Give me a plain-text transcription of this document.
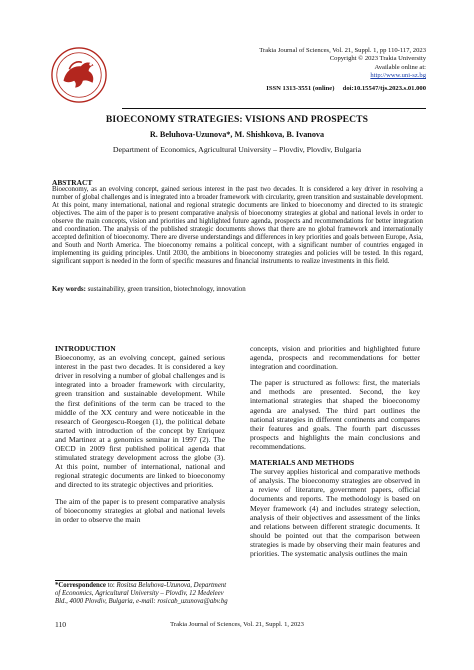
Trakia Journal of Sciences, Vol. 21, Suppl. 1, pp 110-117, 2023
Copyright © 2023 Trakia University
Available online at:
http://www.uni-sz.bg
ISSN 1313-3551 (online) doi:10.15547/tjs.2023.s.01.000
BIOECONOMY STRATEGIES: VISIONS AND PROSPECTS
R. Beluhova-Uzunova*, M. Shishkova, B. Ivanova
Department of Economics, Agricultural University – Plovdiv, Plovdiv, Bulgaria
ABSTRACT

Bioeconomy, as an evolving concept, gained serious interest in the past two decades. It is considered a key driver in resolving a number of global challenges and is integrated into a broader framework with circularity, green transition and sustainable development. At this point, many international, national and regional strategic documents are linked to bioeconomy and directed to its strategic objectives. The aim of the paper is to present comparative analysis of bioeconomy strategies at global and national levels in order to observe the main concepts, vision and priorities and highlighted future agenda, prospects and recommendations for better integration and coordination. The analysis of the published strategic documents shows that there are no global framework and internationally accepted definition of bioeconomy. There are diverse understandings and differences in key priorities and goals between Europe, Asia, and South and North America. The bioeconomy remains a political concept, with a significant number of countries engaged in implementing its guiding principles. Until 2030, the ambitions in bioeconomy strategies and policies will be tested. In this regard, significant support is needed in the form of specific measures and financial instruments to realize investments in this field.

Key words: sustainability, green transition, biotechnology, innovation
INTRODUCTION

Bioeconomy, as an evolving concept, gained serious interest in the past two decades. It is considered a key driver in resolving a number of global challenges and is integrated into a broader framework with circularity, green transition and sustainable development. While the first definitions of the term can be traced to the middle of the XX century and were noticeable in the research of Georgescu-Roegen (1), the political debate started with introduction of the concept by Enriquez and Martinez at a genomics seminar in 1997 (2). The OECD in 2009 first published political agenda that stimulated strategy development across the globe (3). At this point, number of international, national and regional strategic documents are linked to bioeconomy and directed to its strategic objectives and priorities.

The aim of the paper is to present comparative analysis of bioeconomy strategies at global and national levels in order to observe the main

concepts, vision and priorities and highlighted future agenda, prospects and recommendations for better integration and coordination.

The paper is structured as follows: first, the materials and methods are presented. Second, the key international strategies that shaped the bioeconomy agenda are analysed. The third part outlines the national strategies in different continents and compares their features and goals. The fourth part discusses prospects and highlights the main conclusions and recommendations.

MATERIALS AND METHODS

The survey applies historical and comparative methods of analysis. The bioeconomy strategies are observed in a review of literature, government papers, official documents and reports. The methodology is based on Meyer framework (4) and includes strategy selection, analysis of their objectives and assessment of the links and relations between different strategic documents. It should be pointed out that the comparison between strategies is made by observing their main features and priorities. The systematic analysis outlines the main

*Correspondence to: Rositsa Beluhova-Uzunova, Department of Economics, Agricultural University – Plovdiv, 12 Medeleev Bld., 4000 Plovdiv, Bulgaria, e-mail: rosicab_uzunova@abv.bg
110	Trakia Journal of Sciences, Vol. 21, Suppl. 1, 2023
